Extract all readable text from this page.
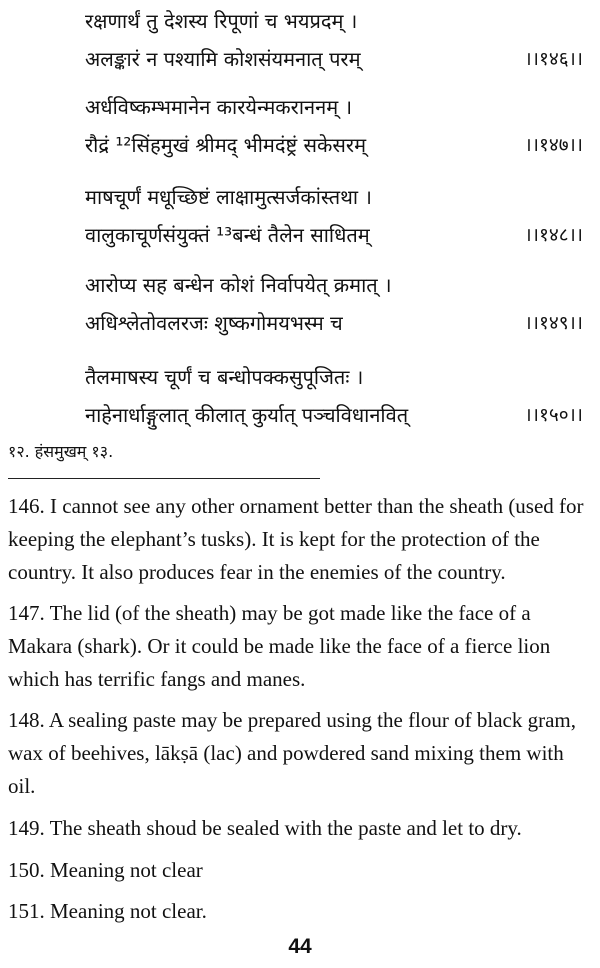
रक्षणार्थं तु देशस्य रिपूणां च भयप्रदम् ।
अलङ्कारं न पश्यामि कोशसंयमनात् परम्	।।१४६।।
अर्धविष्कम्भमानेन कारयेन्मकराननम् ।
रौद्रं ¹²सिंहमुखं श्रीमद् भीमदंष्ट्रं सकेसरम्	।।१४७।।
माषचूर्णं मधूच्छिष्टं लाक्षामुत्सर्जकांस्तथा ।
वालुकाचूर्णसंयुक्तं ¹³बन्धं तैलेन साधितम्	।।१४८।।
आरोप्य सह बन्धेन कोशं निर्वापयेत् क्रमात् ।
अधिश्लेतोवलरजः शुष्कगोमयभस्म च	।।१४९।।
तैलमाषस्य चूर्णं च बन्धोपक्कसुपूजितः ।
नाहेनार्धाङ्गुलात् कीलात् कुर्यात् पञ्चविधानवित्	।।१५०।।
१२. हंसमुखम् १३.

146. I cannot see any other ornament better than the sheath (used for keeping the elephant’s tusks). It is kept for the protection of the country. It also produces fear in the enemies of the country.

147. The lid (of the sheath) may be got made like the face of a Makara (shark). Or it could be made like the face of a fierce lion which has terrific fangs and manes.

148. A sealing paste may be prepared using the flour of black gram, wax of beehives, lākṣā (lac) and powdered sand mixing them with oil.

149. The sheath shoud be sealed with the paste and let to dry.

150. Meaning not clear

151. Meaning not clear.

44
